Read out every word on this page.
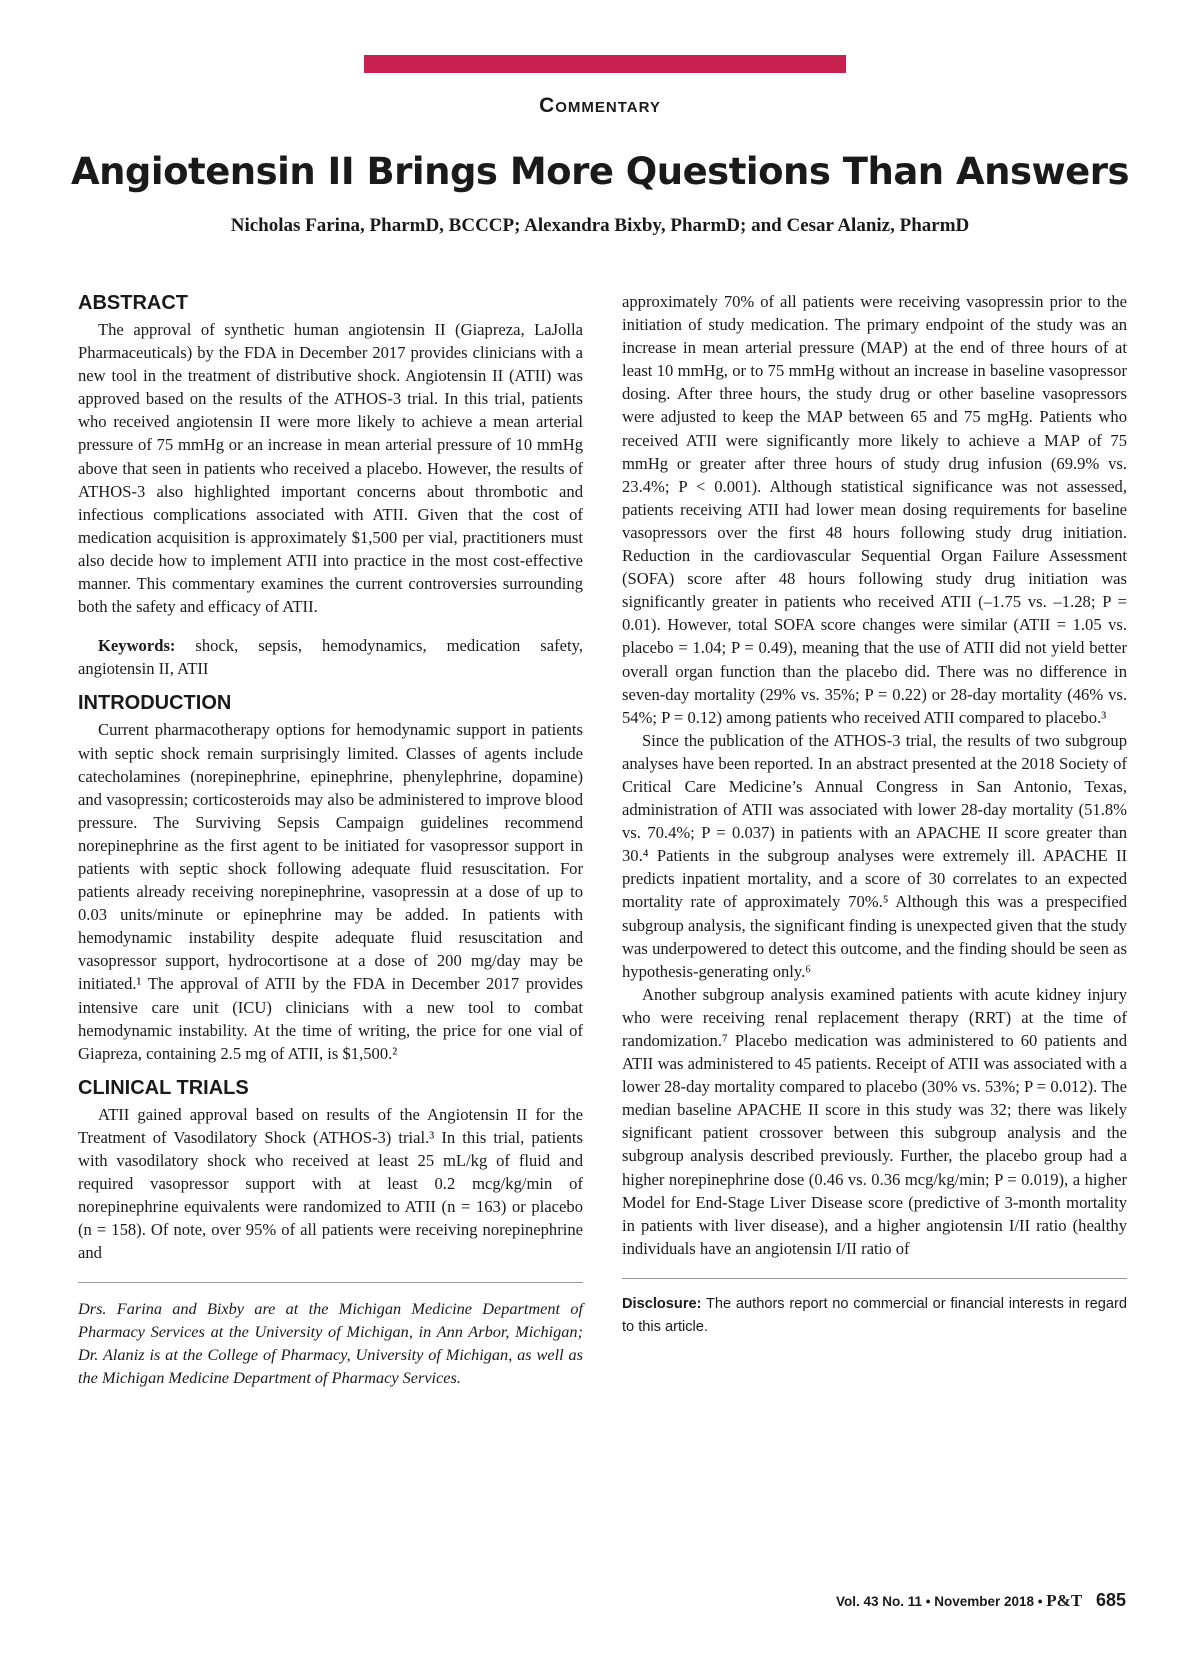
Commentary
Angiotensin II Brings More Questions Than Answers
Nicholas Farina, PharmD, BCCCP; Alexandra Bixby, PharmD; and Cesar Alaniz, PharmD
ABSTRACT

The approval of synthetic human angiotensin II (Giapreza, LaJolla Pharmaceuticals) by the FDA in December 2017 provides clinicians with a new tool in the treatment of distributive shock. Angiotensin II (ATII) was approved based on the results of the ATHOS-3 trial. In this trial, patients who received angiotensin II were more likely to achieve a mean arterial pressure of 75 mmHg or an increase in mean arterial pressure of 10 mmHg above that seen in patients who received a placebo. However, the results of ATHOS-3 also highlighted important concerns about thrombotic and infectious complications associated with ATII. Given that the cost of medication acquisition is approximately $1,500 per vial, practitioners must also decide how to implement ATII into practice in the most cost-effective manner. This commentary examines the current controversies surrounding both the safety and efficacy of ATII.

Keywords: shock, sepsis, hemodynamics, medication safety, angiotensin II, ATII

INTRODUCTION

Current pharmacotherapy options for hemodynamic support in patients with septic shock remain surprisingly limited. Classes of agents include catecholamines (norepinephrine, epinephrine, phenylephrine, dopamine) and vasopressin; corticosteroids may also be administered to improve blood pressure. The Surviving Sepsis Campaign guidelines recommend norepinephrine as the first agent to be initiated for vasopressor support in patients with septic shock following adequate fluid resuscitation. For patients already receiving norepinephrine, vasopressin at a dose of up to 0.03 units/minute or epinephrine may be added. In patients with hemodynamic instability despite adequate fluid resuscitation and vasopressor support, hydrocortisone at a dose of 200 mg/day may be initiated.¹ The approval of ATII by the FDA in December 2017 provides intensive care unit (ICU) clinicians with a new tool to combat hemodynamic instability. At the time of writing, the price for one vial of Giapreza, containing 2.5 mg of ATII, is $1,500.²

CLINICAL TRIALS

ATII gained approval based on results of the Angiotensin II for the Treatment of Vasodilatory Shock (ATHOS-3) trial.³ In this trial, patients with vasodilatory shock who received at least 25 mL/kg of fluid and required vasopressor support with at least 0.2 mcg/kg/min of norepinephrine equivalents were randomized to ATII (n = 163) or placebo (n = 158). Of note, over 95% of all patients were receiving norepinephrine and

Drs. Farina and Bixby are at the Michigan Medicine Department of Pharmacy Services at the University of Michigan, in Ann Arbor, Michigan; Dr. Alaniz is at the College of Pharmacy, University of Michigan, as well as the Michigan Medicine Department of Pharmacy Services.

approximately 70% of all patients were receiving vasopressin prior to the initiation of study medication. The primary endpoint of the study was an increase in mean arterial pressure (MAP) at the end of three hours of at least 10 mmHg, or to 75 mmHg without an increase in baseline vasopressor dosing. After three hours, the study drug or other baseline vasopressors were adjusted to keep the MAP between 65 and 75 mgHg. Patients who received ATII were significantly more likely to achieve a MAP of 75 mmHg or greater after three hours of study drug infusion (69.9% vs. 23.4%; P < 0.001). Although statistical significance was not assessed, patients receiving ATII had lower mean dosing requirements for baseline vasopressors over the first 48 hours following study drug initiation. Reduction in the cardiovascular Sequential Organ Failure Assessment (SOFA) score after 48 hours following study drug initiation was significantly greater in patients who received ATII (–1.75 vs. –1.28; P = 0.01). However, total SOFA score changes were similar (ATII = 1.05 vs. placebo = 1.04; P = 0.49), meaning that the use of ATII did not yield better overall organ function than the placebo did. There was no difference in seven-day mortality (29% vs. 35%; P = 0.22) or 28-day mortality (46% vs. 54%; P = 0.12) among patients who received ATII compared to placebo.³

Since the publication of the ATHOS-3 trial, the results of two subgroup analyses have been reported. In an abstract presented at the 2018 Society of Critical Care Medicine’s Annual Congress in San Antonio, Texas, administration of ATII was associated with lower 28-day mortality (51.8% vs. 70.4%; P = 0.037) in patients with an APACHE II score greater than 30.⁴ Patients in the subgroup analyses were extremely ill. APACHE II predicts inpatient mortality, and a score of 30 correlates to an expected mortality rate of approximately 70%.⁵ Although this was a prespecified subgroup analysis, the significant finding is unexpected given that the study was underpowered to detect this outcome, and the finding should be seen as hypothesis-generating only.⁶

Another subgroup analysis examined patients with acute kidney injury who were receiving renal replacement therapy (RRT) at the time of randomization.⁷ Placebo medication was administered to 60 patients and ATII was administered to 45 patients. Receipt of ATII was associated with a lower 28-day mortality compared to placebo (30% vs. 53%; P = 0.012). The median baseline APACHE II score in this study was 32; there was likely significant patient crossover between this subgroup analysis and the subgroup analysis described previously. Further, the placebo group had a higher norepinephrine dose (0.46 vs. 0.36 mcg/kg/min; P = 0.019), a higher Model for End-Stage Liver Disease score (predictive of 3-month mortality in patients with liver disease), and a higher angiotensin I/II ratio (healthy individuals have an angiotensin I/II ratio of

Disclosure: The authors report no commercial or financial interests in regard to this article.

Vol. 43 No. 11 • November 2018 • P&T 685
